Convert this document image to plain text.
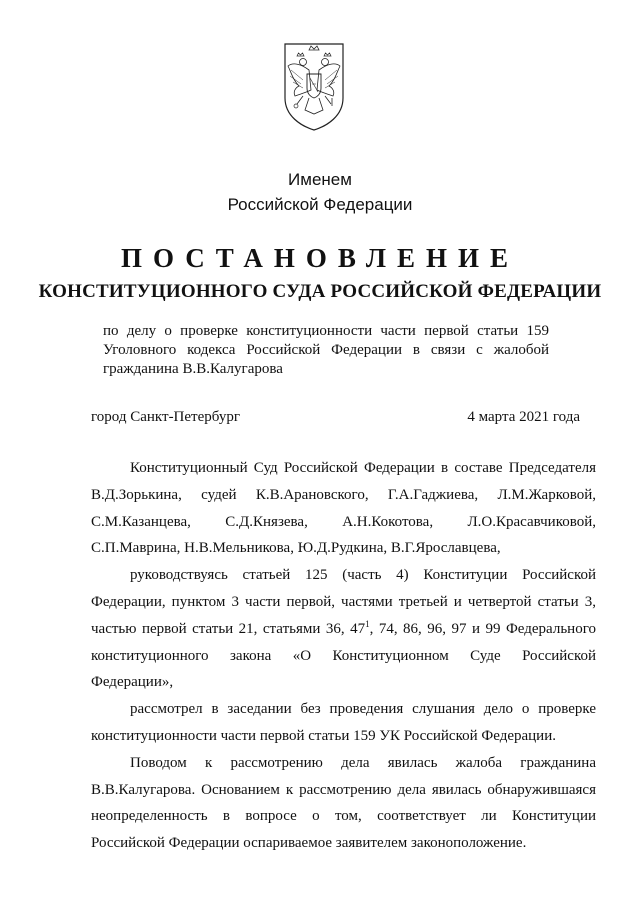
Именем
Российской Федерации
ПОСТАНОВЛЕНИЕ
КОНСТИТУЦИОННОГО СУДА РОССИЙСКОЙ ФЕДЕРАЦИИ
по делу о проверке конституционности части первой статьи 159
Уголовного кодекса Российской Федерации в связи с жалобой
гражданина В.В.Калугарова
город Санкт-Петербург	4 марта 2021 года
Конституционный Суд Российской Федерации в составе Председателя
В.Д.Зорькина, судей К.В.Арановского, Г.А.Гаджиева, Л.М.Жарковой,
С.М.Казанцева, С.Д.Князева, А.Н.Кокотова, Л.О.Красавчиковой,
С.П.Маврина, Н.В.Мельникова, Ю.Д.Рудкина, В.Г.Ярославцева,
руководствуясь статьей 125 (часть 4) Конституции Российской
Федерации, пунктом 3 части первой, частями третьей и четвертой статьи 3,
частью первой статьи 21, статьями 36, $47^1$, 74, 86, 96, 97 и 99 Федерального
конституционного закона «О Конституционном Суде Российской
Федерации»,
рассмотрел в заседании без проведения слушания дело о проверке
конституционности части первой статьи 159 УК Российской Федерации.
Поводом к рассмотрению дела явилась жалоба гражданина
В.В.Калугарова. Основанием к рассмотрению дела явилась обнаружившаяся
неопределенность в вопросе о том, соответствует ли Конституции
Российской Федерации оспариваемое заявителем законоположение.
